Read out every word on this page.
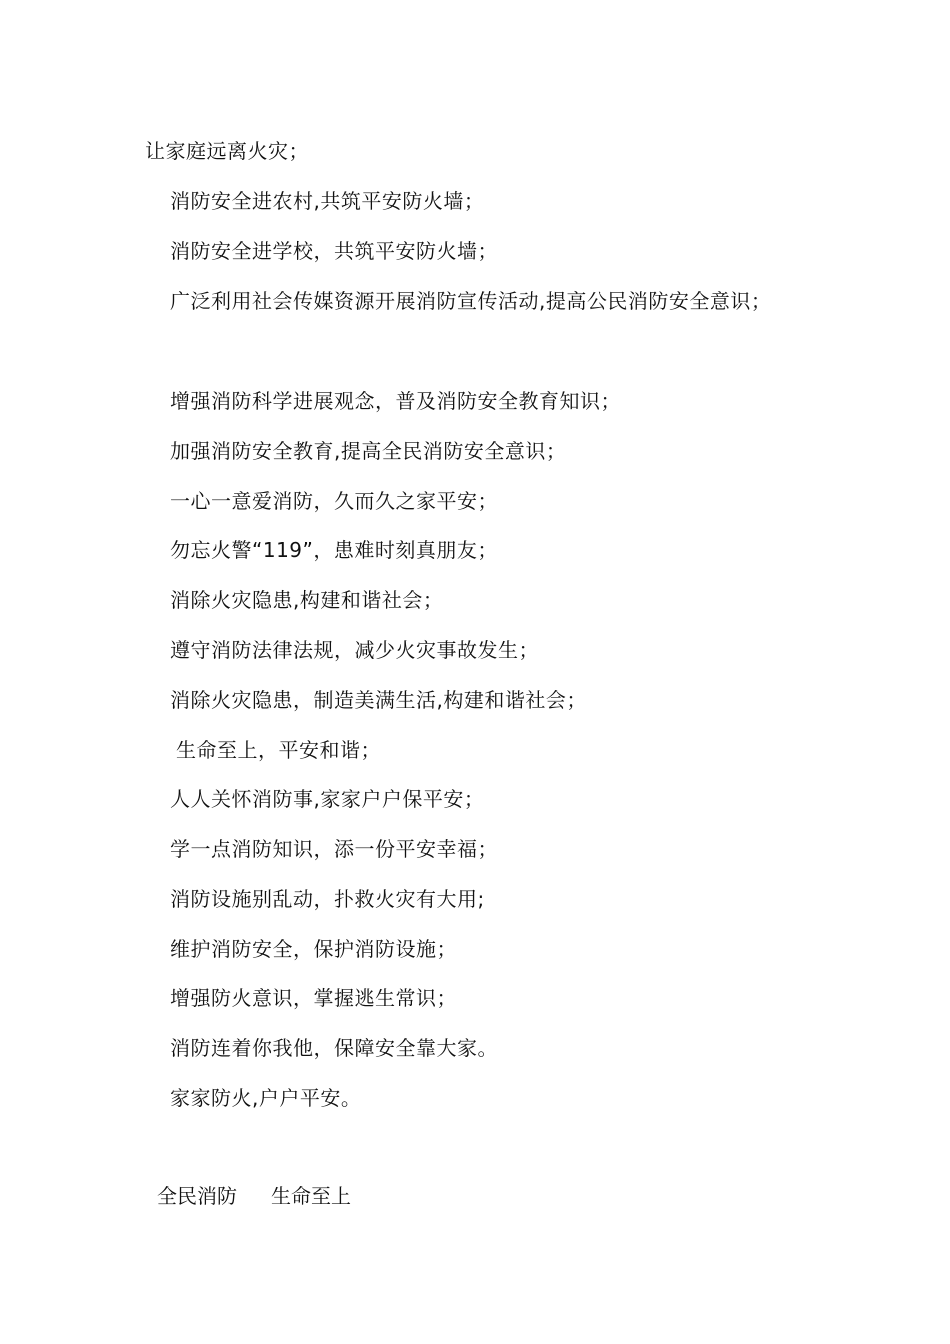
让家庭远离火灾；
消防安全进农村,共筑平安防火墙；
消防安全进学校，共筑平安防火墙；
广泛利用社会传媒资源开展消防宣传活动,提高公民消防安全意识；
增强消防科学进展观念，普及消防安全教育知识；
加强消防安全教育,提高全民消防安全意识；
一心一意爱消防，久而久之家平安；
勿忘火警“119”，患难时刻真朋友；
消除火灾隐患,构建和谐社会；
遵守消防法律法规，减少火灾事故发生；
消除火灾隐患，制造美满生活,构建和谐社会；
生命至上，平安和谐；
人人关怀消防事,家家户户保平安；
学一点消防知识，添一份平安幸福；
消防设施别乱动，扑救火灾有大用;
维护消防安全，保护消防设施；
增强防火意识，掌握逃生常识；
消防连着你我他，保障安全靠大家。
家家防火,户户平安。
全民消防 生命至上
